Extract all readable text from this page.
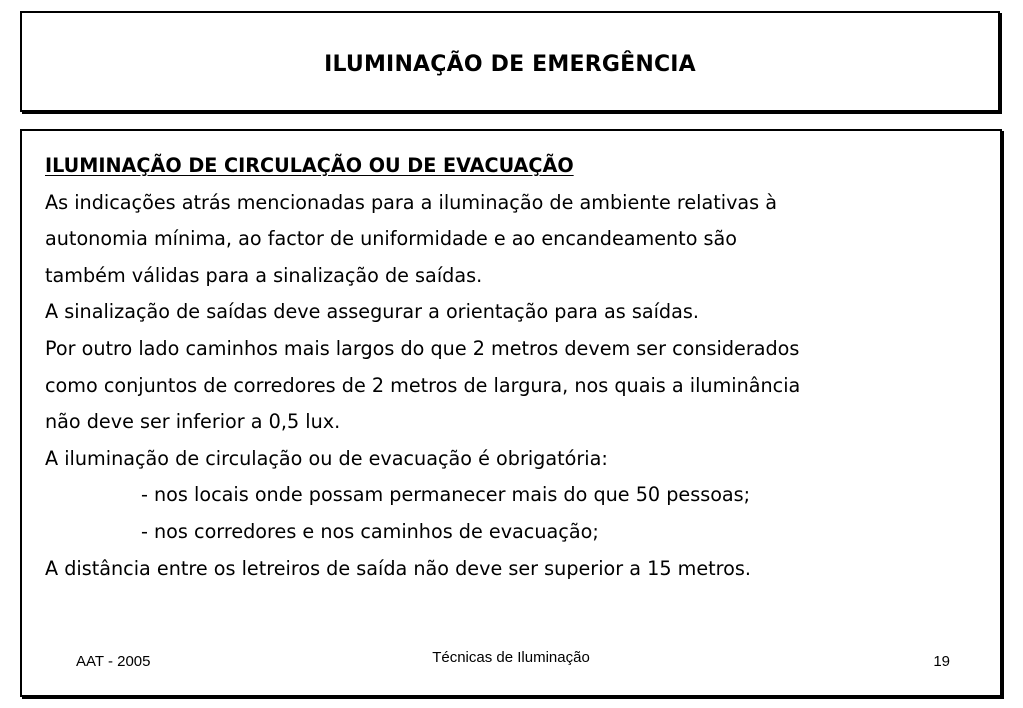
ILUMINAÇÃO DE EMERGÊNCIA
ILUMINAÇÃO DE CIRCULAÇÃO OU DE EVACUAÇÃO
As indicações atrás mencionadas para a iluminação de ambiente relativas à
autonomia mínima, ao factor de uniformidade e ao encandeamento são
também válidas para a sinalização de saídas.
A sinalização de saídas deve assegurar a orientação para as saídas.
Por outro lado caminhos mais largos do que 2 metros devem ser considerados
como conjuntos de corredores de 2 metros de largura, nos quais a iluminância
não deve ser inferior a 0,5 lux.
A iluminação de circulação ou de evacuação é obrigatória:
- nos locais onde possam permanecer mais do que 50 pessoas;
- nos corredores e nos caminhos de evacuação;
A distância entre os letreiros de saída não deve ser superior a 15 metros.
AAT - 2005	Técnicas de Iluminação	19
